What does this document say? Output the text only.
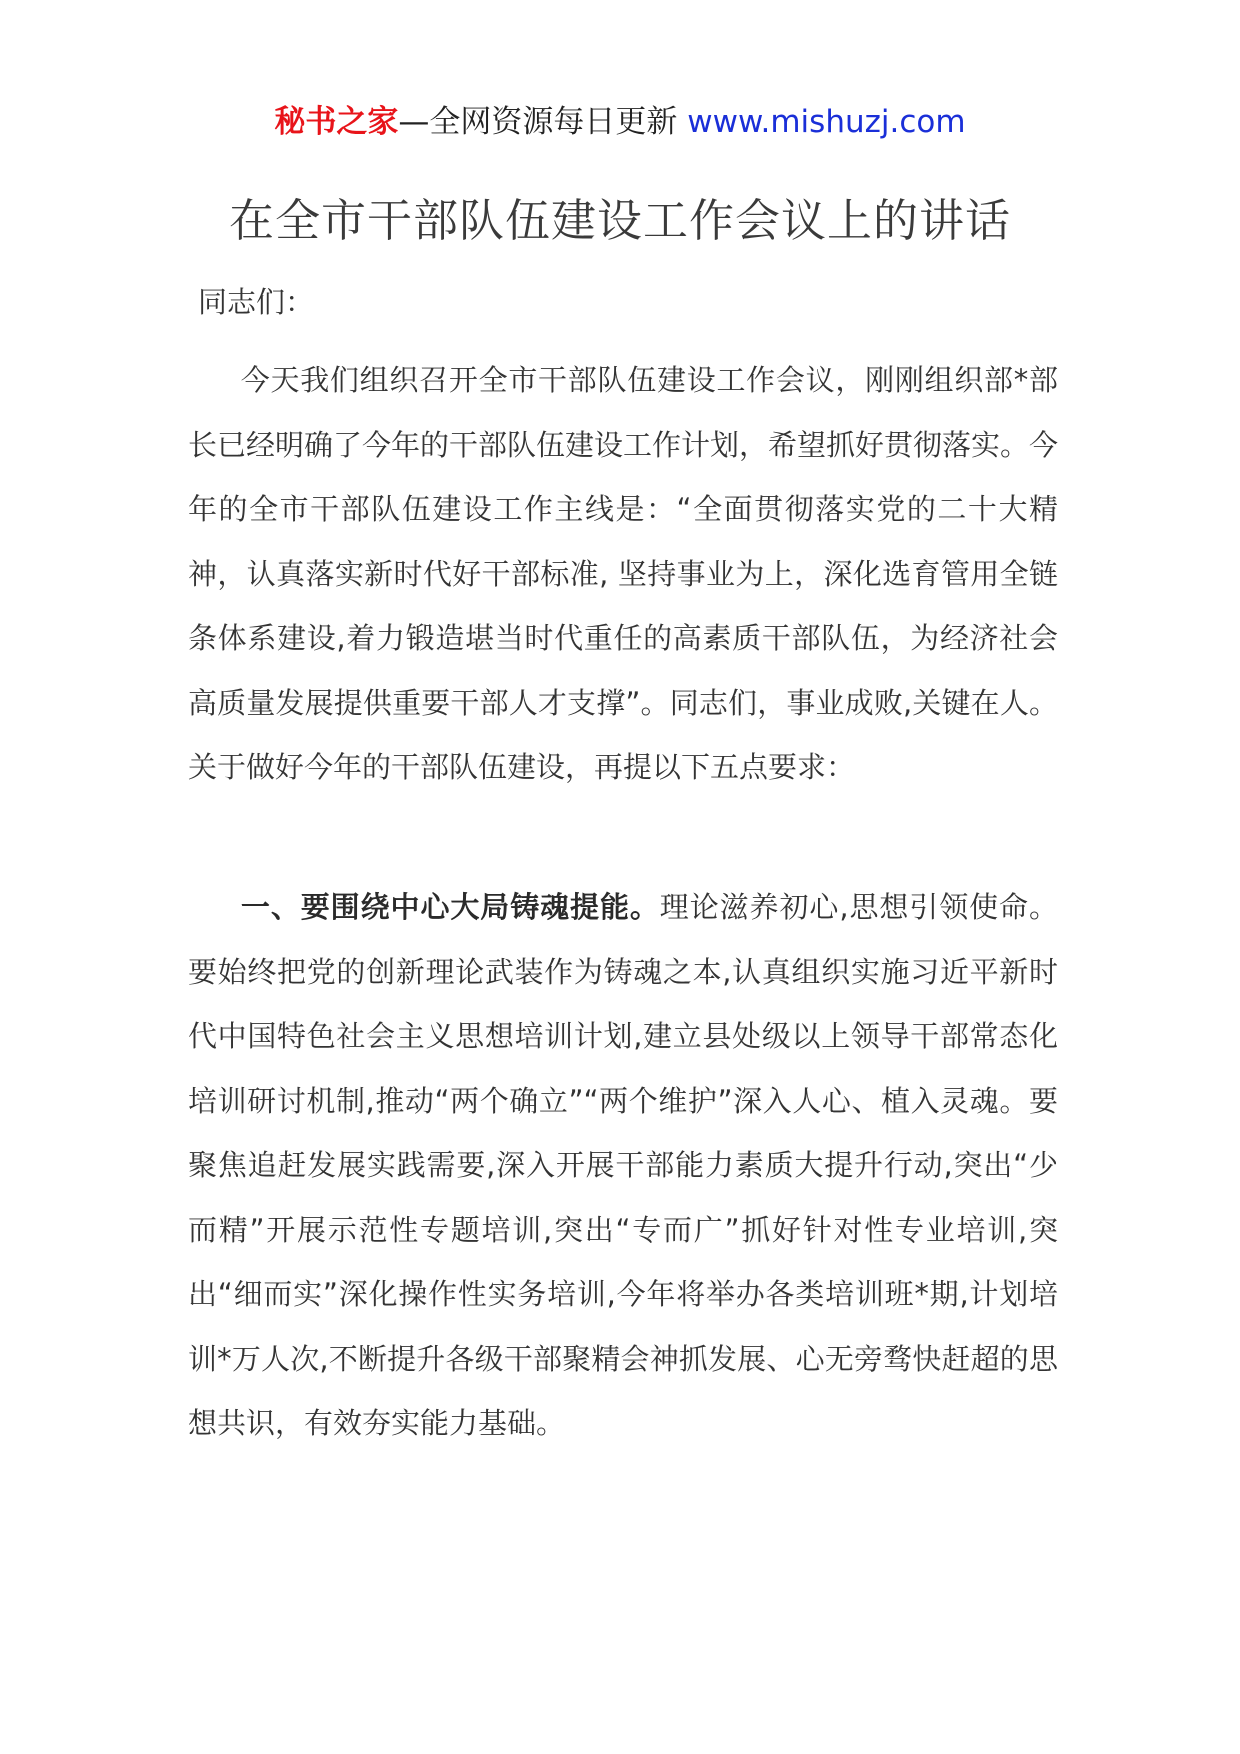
秘书之家—全网资源每日更新 www.mishuzj.com
在全市干部队伍建设工作会议上的讲话
同志们：

今天我们组织召开全市干部队伍建设工作会议，刚刚组织部*部长已经明确了今年的干部队伍建设工作计划，希望抓好贯彻落实。今年的全市干部队伍建设工作主线是：“全面贯彻落实党的二十大精神，认真落实新时代好干部标准, 坚持事业为上，深化选育管用全链条体系建设,着力锻造堪当时代重任的高素质干部队伍，为经济社会高质量发展提供重要干部人才支撑”。同志们，事业成败,关键在人。关于做好今年的干部队伍建设，再提以下五点要求：

一、要围绕中心大局铸魂提能。理论滋养初心,思想引领使命。要始终把党的创新理论武装作为铸魂之本,认真组织实施习近平新时代中国特色社会主义思想培训计划,建立县处级以上领导干部常态化培训研讨机制,推动“两个确立”“两个维护”深入人心、植入灵魂。要聚焦追赶发展实践需要,深入开展干部能力素质大提升行动,突出“少而精”开展示范性专题培训,突出“专而广”抓好针对性专业培训,突出“细而实”深化操作性实务培训,今年将举办各类培训班*期,计划培训*万人次,不断提升各级干部聚精会神抓发展、心无旁骛快赶超的思想共识，有效夯实能力基础。
